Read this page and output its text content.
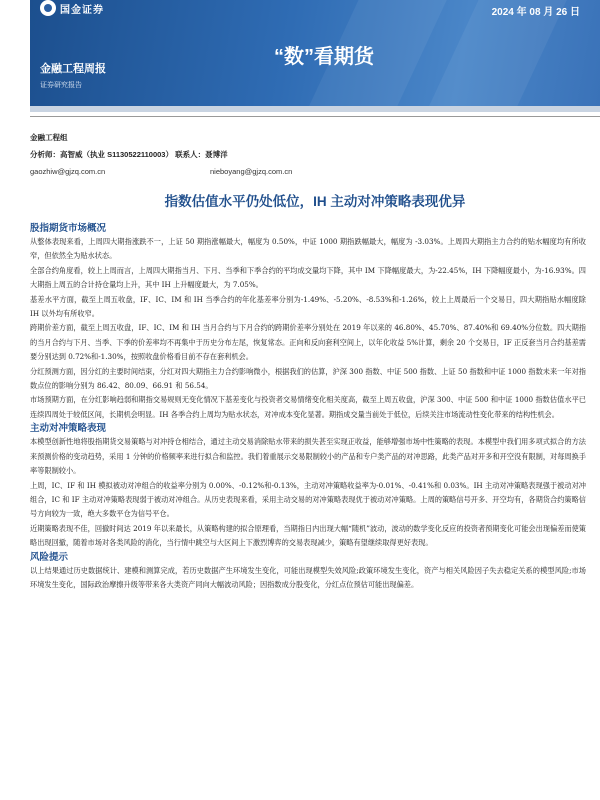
国金证券	2024 年 08 月 26 日
“数”看期货
金融工程周报
证券研究报告
金融工程组
分析师：高智威（执业 S1130522110003） 联系人：聂博洋
gaozhiw@gjzq.com.cn	nieboyang@gjzq.com.cn
指数估值水平仍处低位，IH 主动对冲策略表现优异
股指期货市场概况

从整体表现来看，上周四大期指涨跌不一，上证 50 期指涨幅最大，幅度为 0.50%，中证 1000 期指跌幅最大，幅度为 -3.03%。上周四大期指主力合约的贴水幅度均有所收窄，但依然全为贴水状态。

全部合约角度看，较上上周而言，上周四大期指当月、下月、当季和下季合约的平均成交量均下降，其中 IM 下降幅度最大，为-22.45%，IH 下降幅度最小，为-16.93%。四大期指上周五的合计持仓量均上升，其中 IH 上升幅度最大，为 7.05%。

基差水平方面，截至上周五收盘，IF、IC、IM 和 IH 当季合约的年化基差率分别为-1.49%、-5.20%、-8.53%和-1.26%，较上上周最后一个交易日，四大期指贴水幅度除 IH 以外均有所收窄。

跨期价差方面，截至上周五收盘，IF、IC、IM 和 IH 当月合约与下月合约的跨期价差率分别处在 2019 年以来的 46.80%、45.70%、87.40%和 69.40%分位数。四大期指的当月合约与下月、当季、下季的价差率均不再集中于历史分布左尾，恢复常态。正向和反向套利空间上，以年化收益 5%计算，剩余 20 个交易日，IF 正反套当月合约基差需要分别达到 0.72%和-1.30%，按照收盘价格看目前不存在套利机会。

分红预测方面，因分红的主要时间结束，分红对四大期指主力合约影响微小，根据我们的估算，沪深 300 指数、中证 500 指数、上证 50 指数和中证 1000 指数未来一年对指数点位的影响分别为 86.42、80.09、66.91 和 56.54。

市场预期方面，在分红影响趋弱和期指交易规则无变化情况下基差变化与投资者交易情绪变化相关度高，截至上周五收盘，沪深 300、中证 500 和中证 1000 指数估值水平已连续四周处于较低区间，长期机会明显。IH 各季合约上周均为贴水状态，对冲成本变化显著。期指成交量当前处于低位，后续关注市场流动性变化带来的结构性机会。

主动对冲策略表现

本模型创新性地将股指期货交易策略与对冲持仓相结合，通过主动交易消除贴水带来的损失甚至实现正收益，能够增强市场中性策略的表现。本模型中我们用多项式拟合的方法来预测价格的变动趋势，采用 1 分钟的价格频率来进行拟合和监控。我们着重展示交易限制较小的产品和专户类产品的对冲思路，此类产品对开多和开空没有限制，对每周换手率等限制较小。

上周，IC、IF 和 IH 模拟被动对冲组合的收益率分别为 0.00%、-0.12%和-0.13%，主动对冲策略收益率为-0.01%、-0.41%和 0.03%。IH 主动对冲策略表现强于被动对冲组合，IC 和 IF 主动对冲策略表现弱于被动对冲组合。从历史表现来看，采用主动交易的对冲策略表现优于被动对冲策略。上周的策略信号开多、开空均有，各期货合约策略信号方向较为一致，绝大多数平仓为信号平仓。

近期策略表现不佳，回撤时间达 2019 年以来最长，从策略构建的拟合原理看，当期指日内出现大幅“随机”波动，波动的数学变化反应的投资者预期变化可能会出现偏差而使策略出现回撤，随着市场对各类风险的消化，当行情中跳空与大区间上下激烈博弈的交易表现减少，策略有望继续取得更好表现。

风险提示

以上结果通过历史数据统计、建模和测算完成，若历史数据产生环境发生变化，可能出现模型失效风险;政策环境发生变化，资产与相关风险因子失去稳定关系的模型风险;市场环境发生变化，国际政治摩擦升级等带来各大类资产同向大幅波动风险；因指数成分股变化，分红点位预估可能出现偏差。
